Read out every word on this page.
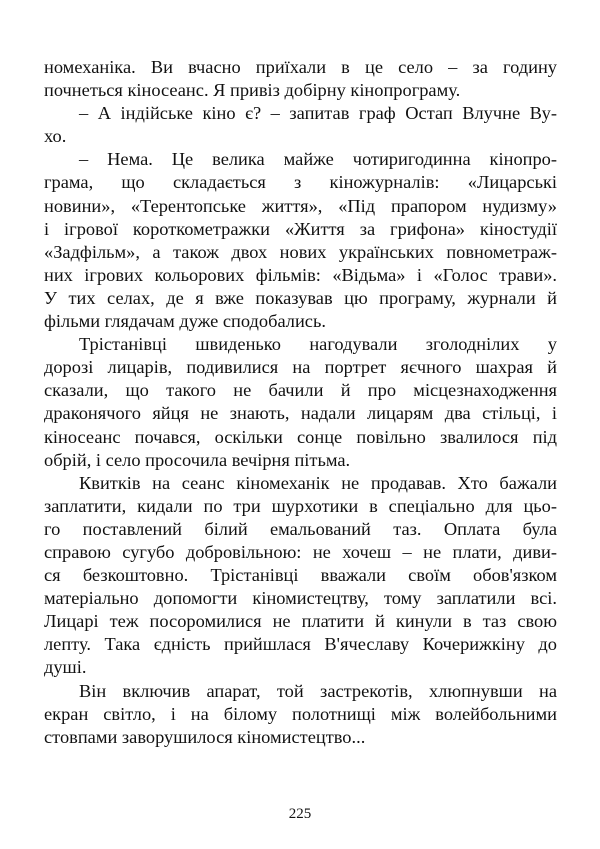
номеханіка. Ви вчасно приїхали в це село – за годину
почнеться кіносеанс. Я привіз добірну кінопрограму.
– А індійське кіно є? – запитав граф Остап Влучне Ву-
хо.
– Нема. Це велика майже чотиригодинна кінопро-
грама, що складається з кіножурналів: «Лицарські
новини», «Терентопське життя», «Під прапором нудизму»
і ігрової короткометражки «Життя за грифона» кіностудії
«Задфільм», а також двох нових українських повнометраж-
них ігрових кольорових фільмів: «Відьма» і «Голос трави».
У тих селах, де я вже показував цю програму, журнали й
фільми глядачам дуже сподобались.
Трістанівці швиденько нагодували зголоднілих у
дорозі лицарів, подивилися на портрет яєчного шахрая й
сказали, що такого не бачили й про місцезнаходження
драконячого яйця не знають, надали лицарям два стільці, і
кіносеанс почався, оскільки сонце повільно звалилося під
обрій, і село просочила вечірня пітьма.
Квитків на сеанс кіномеханік не продавав. Хто бажали
заплатити, кидали по три шурхотики в спеціально для цьо-
го поставлений білий емальований таз. Оплата була
справою сугубо добровільною: не хочеш – не плати, диви-
ся безкоштовно. Трістанівці вважали своїм обов'язком
матеріально допомогти кіномистецтву, тому заплатили всі.
Лицарі теж посоромилися не платити й кинули в таз свою
лепту. Така єдність прийшлася В'ячеславу Кочерижкіну до
душі.
Він включив апарат, той застрекотів, хлюпнувши на
екран світло, і на білому полотнищі між волейбольними
стовпами заворушилося кіномистецтво...
225
